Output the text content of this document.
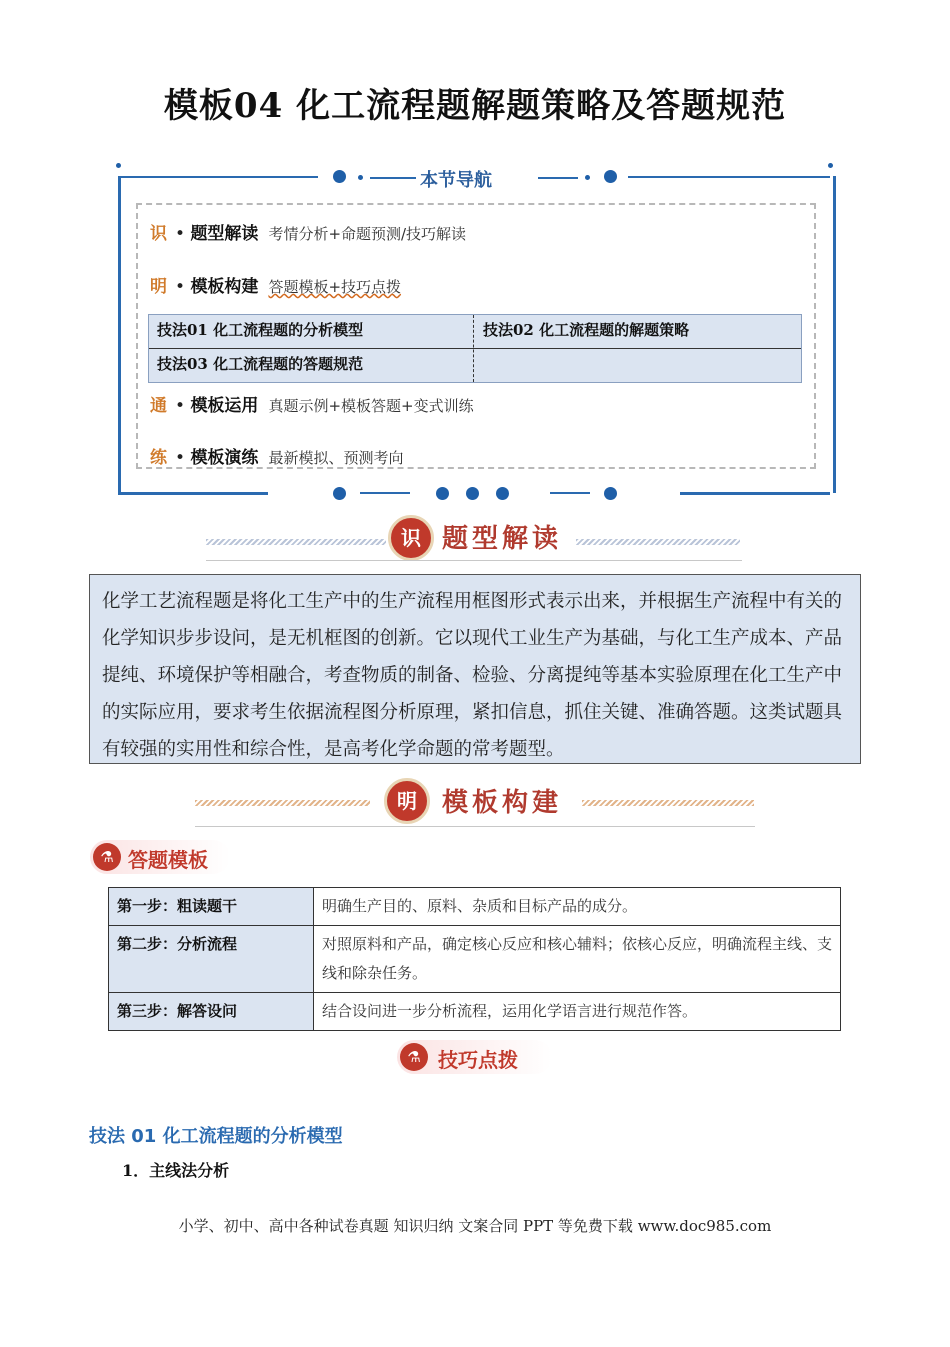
模板04 化工流程题解题策略及答题规范
本节导航
识 • 题型解读 考情分析+命题预测/技巧解读
明 • 模板构建 答题模板+技巧点拨
通 • 模板运用 真题示例+模板答题+变式训练
练 • 模板演练 最新模拟、预测考向
技法01 化工流程题的分析模型	技法02 化工流程题的解题策略
技法03 化工流程题的答题规范
识 题型解读
化学工艺流程题是将化工生产中的生产流程用框图形式表示出来，并根据生产流程中有关的化学知识步步设问，是无机框图的创新。它以现代工业生产为基础，与化工生产成本、产品提纯、环境保护等相融合，考查物质的制备、检验、分离提纯等基本实验原理在化工生产中的实际应用，要求考生依据流程图分析原理，紧扣信息，抓住关键、准确答题。这类试题具有较强的实用性和综合性，是高考化学命题的常考题型。
明 模板构建
⚗ 答题模板
第一步：粗读题干	明确生产目的、原料、杂质和目标产品的成分。
第二步：分析流程	对照原料和产品，确定核心反应和核心辅料；依核心反应，明确流程主线、支线和除杂任务。
第三步：解答设问	结合设问进一步分析流程，运用化学语言进行规范作答。
⚗ 技巧点拨
技法 01 化工流程题的分析模型
1．主线法分析
小学、初中、高中各种试卷真题 知识归纳 文案合同 PPT 等免费下载 www.doc985.com
